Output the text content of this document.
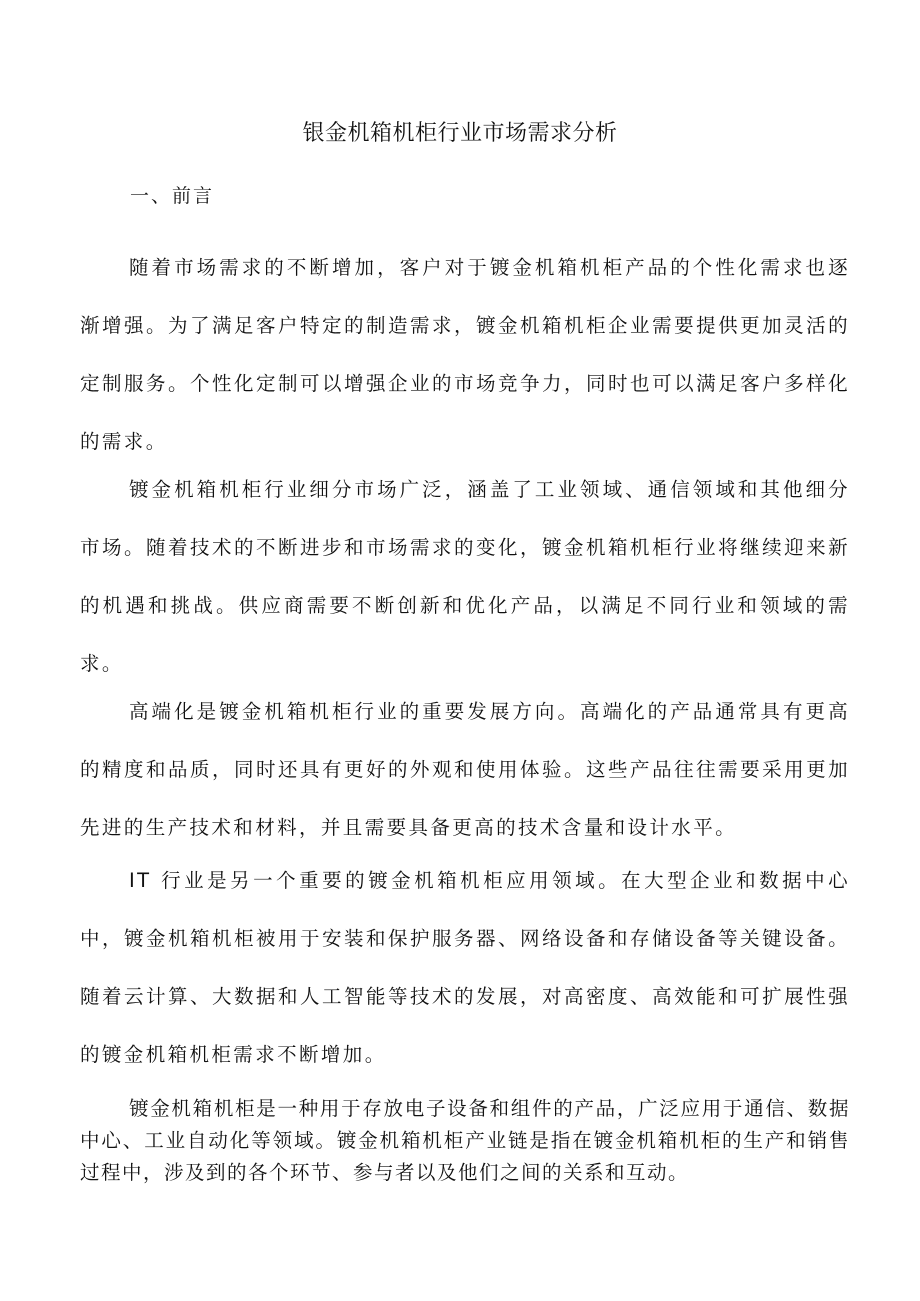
银金机箱机柜行业市场需求分析
一、前言

随着市场需求的不断增加，客户对于镀金机箱机柜产品的个性化需求也逐渐增强。为了满足客户特定的制造需求，镀金机箱机柜企业需要提供更加灵活的定制服务。个性化定制可以增强企业的市场竞争力，同时也可以满足客户多样化的需求。

镀金机箱机柜行业细分市场广泛，涵盖了工业领域、通信领域和其他细分市场。随着技术的不断进步和市场需求的变化，镀金机箱机柜行业将继续迎来新的机遇和挑战。供应商需要不断创新和优化产品，以满足不同行业和领域的需求。

高端化是镀金机箱机柜行业的重要发展方向。高端化的产品通常具有更高的精度和品质，同时还具有更好的外观和使用体验。这些产品往往需要采用更加先进的生产技术和材料，并且需要具备更高的技术含量和设计水平。

IT 行业是另一个重要的镀金机箱机柜应用领域。在大型企业和数据中心中，镀金机箱机柜被用于安装和保护服务器、网络设备和存储设备等关键设备。随着云计算、大数据和人工智能等技术的发展，对高密度、高效能和可扩展性强的镀金机箱机柜需求不断增加。

镀金机箱机柜是一种用于存放电子设备和组件的产品，广泛应用于通信、数据中心、工业自动化等领域。镀金机箱机柜产业链是指在镀金机箱机柜的生产和销售过程中，涉及到的各个环节、参与者以及他们之间的关系和互动。
